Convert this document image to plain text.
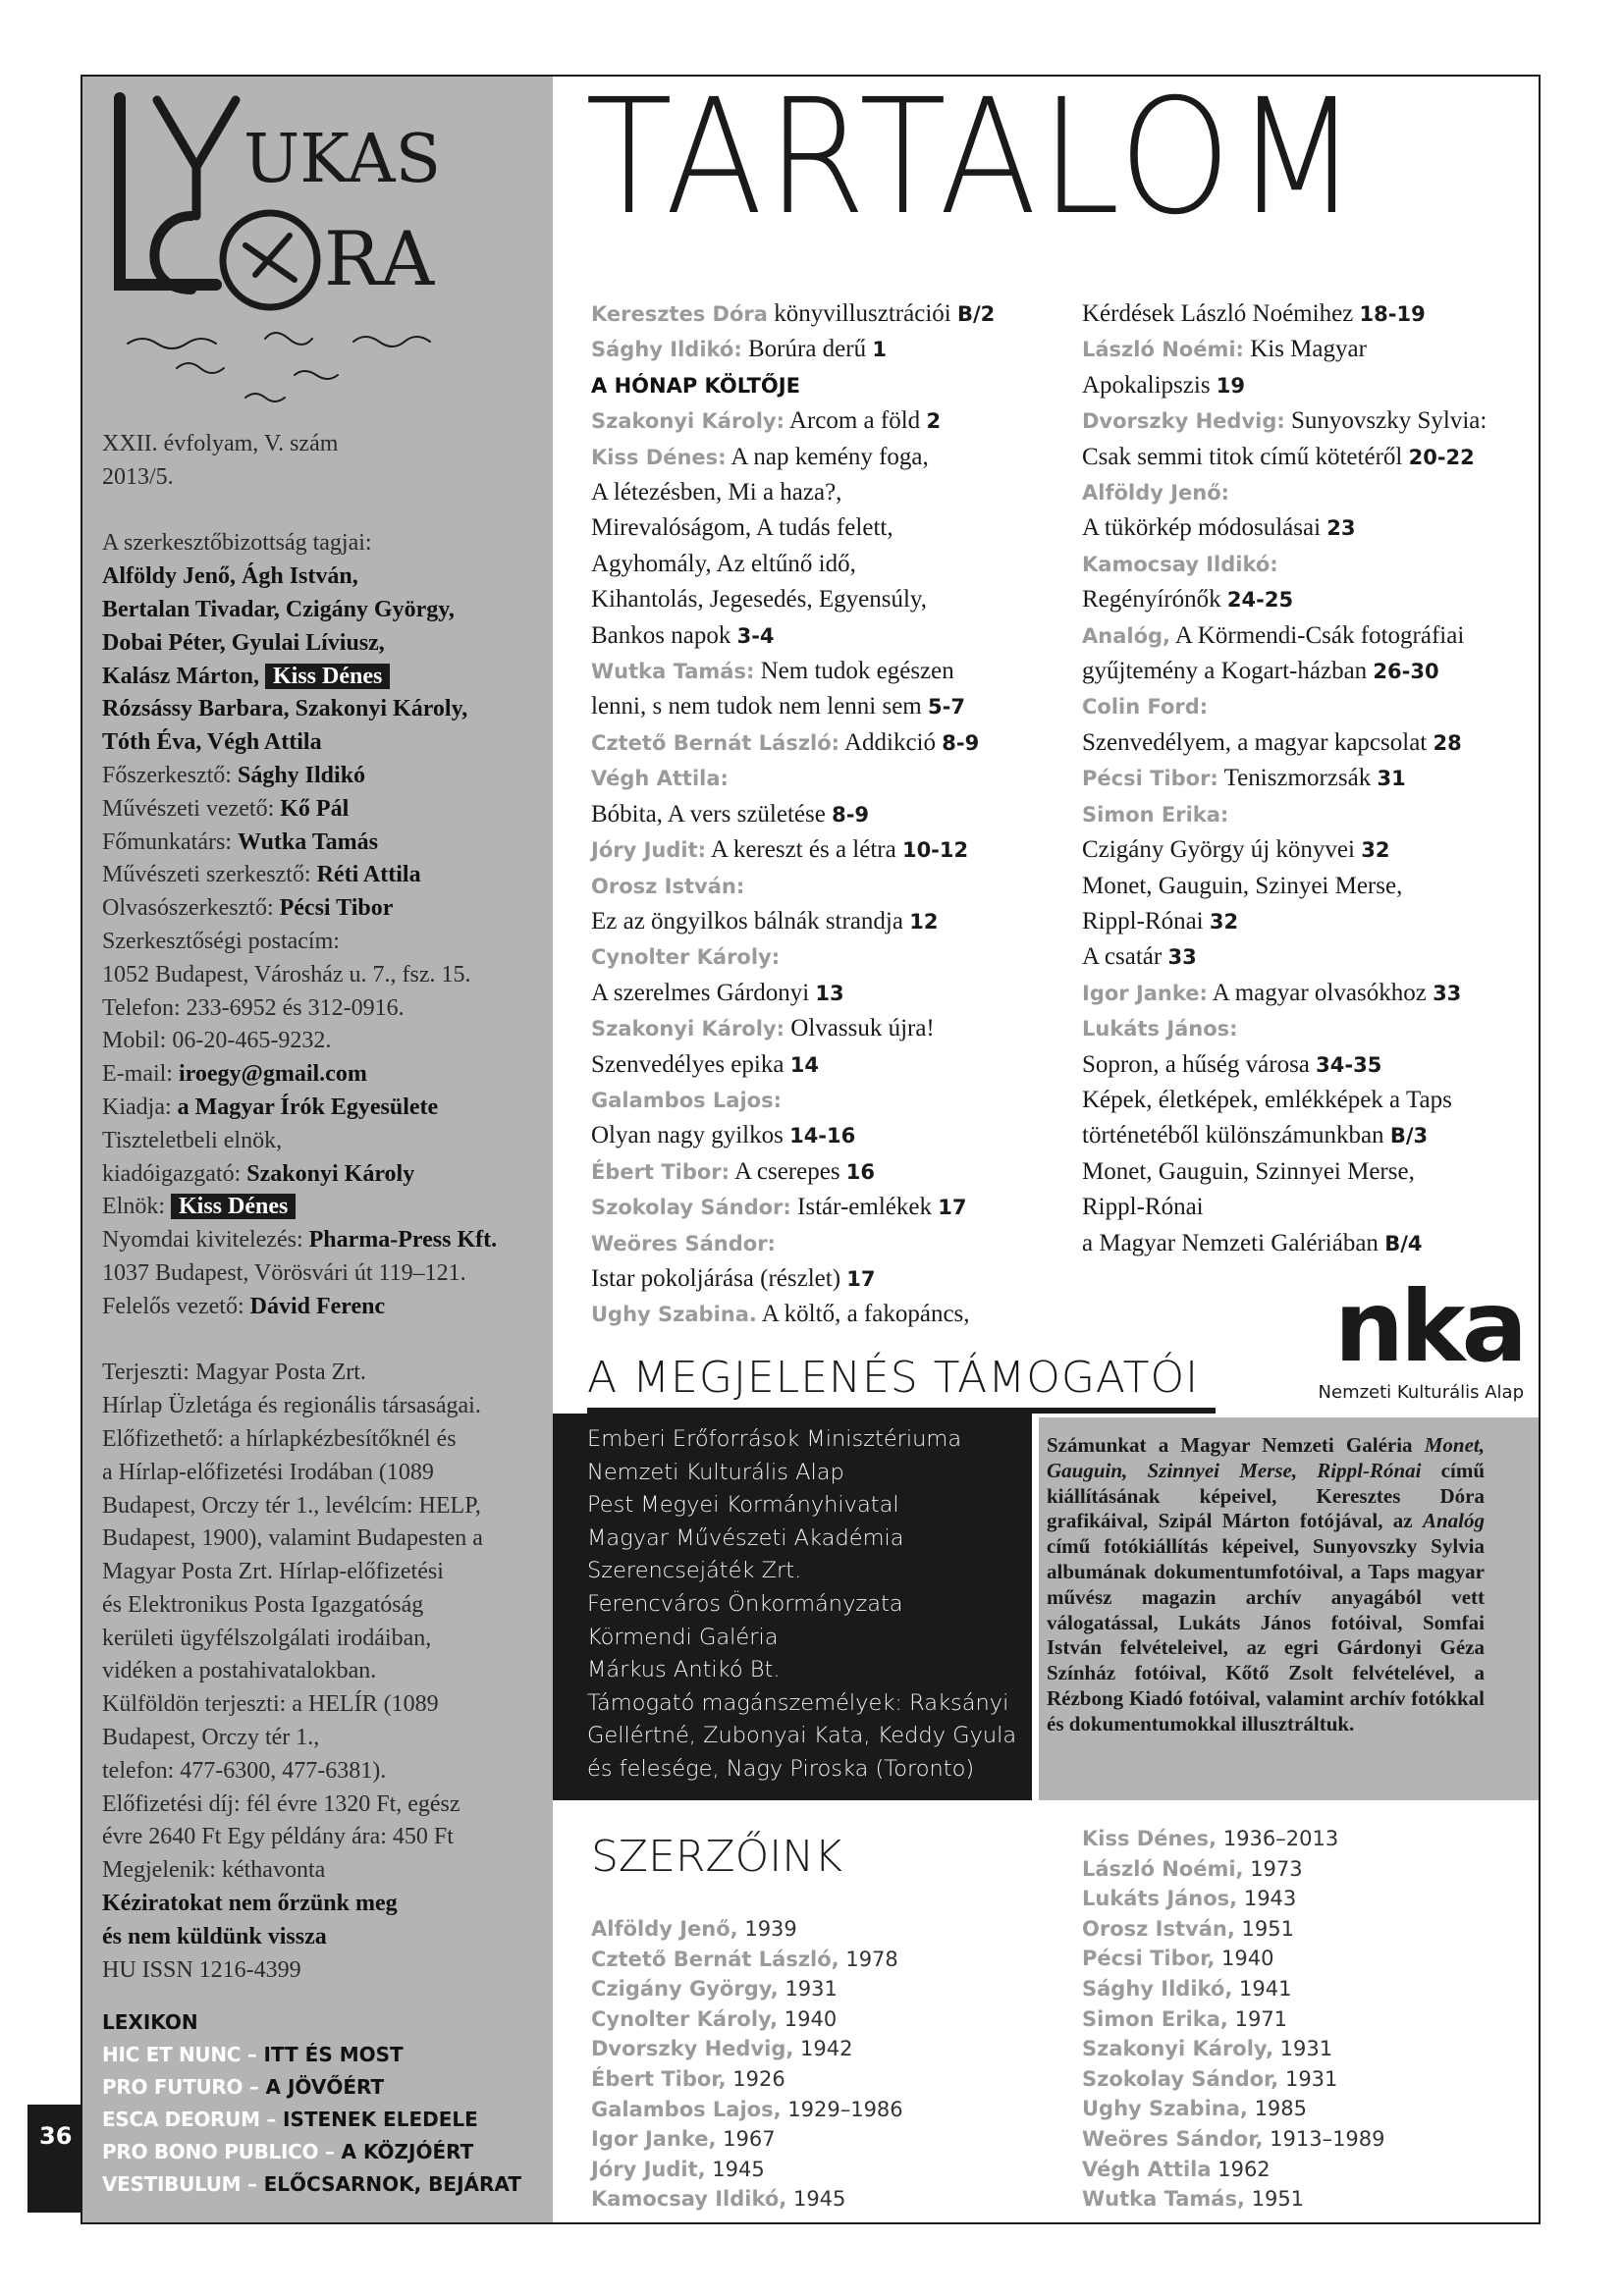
UKAS
RA
XXII. évfolyam, V. szám
2013/5.
A szerkesztőbizottság tagjai:
Alföldy Jenő, Ágh István,
Bertalan Tivadar, Czigány György,
Dobai Péter, Gyulai Líviusz,
Kalász Márton, Kiss Dénes
Rózsássy Barbara, Szakonyi Károly,
Tóth Éva, Végh Attila
Főszerkesztő: Sághy Ildikó
Művészeti vezető: Kő Pál
Főmunkatárs: Wutka Tamás
Művészeti szerkesztő: Réti Attila
Olvasószerkesztő: Pécsi Tibor
Szerkesztőségi postacím:
1052 Budapest, Városház u. 7., fsz. 15.
Telefon: 233-6952 és 312-0916.
Mobil: 06-20-465-9232.
E-mail: iroegy@gmail.com
Kiadja: a Magyar Írók Egyesülete
Tiszteletbeli elnök,
kiadóigazgató: Szakonyi Károly
Elnök: Kiss Dénes
Nyomdai kivitelezés: Pharma-Press Kft.
1037 Budapest, Vörösvári út 119–121.
Felelős vezető: Dávid Ferenc
Terjeszti: Magyar Posta Zrt.
Hírlap Üzletága és regionális társaságai.
Előfizethető: a hírlapkézbesítőknél és
a Hírlap-előfizetési Irodában (1089
Budapest, Orczy tér 1., levélcím: HELP,
Budapest, 1900), valamint Budapesten a
Magyar Posta Zrt. Hírlap-előfizetési
és Elektronikus Posta Igazgatóság
kerületi ügyfélszolgálati irodáiban,
vidéken a postahivatalokban.
Külföldön terjeszti: a HELÍR (1089
Budapest, Orczy tér 1.,
telefon: 477-6300, 477-6381).
Előfizetési díj: fél évre 1320 Ft, egész
évre 2640 Ft Egy példány ára: 450 Ft
Megjelenik: kéthavonta
Kéziratokat nem őrzünk meg
és nem küldünk vissza
HU ISSN 1216-4399
LEXIKON
HIC ET NUNC – ITT ÉS MOST
PRO FUTURO – A JÖVŐÉRT
ESCA DEORUM – ISTENEK ELEDELE
PRO BONO PUBLICO – A KÖZJÓÉRT
VESTIBULUM – ELŐCSARNOK, BEJÁRAT
36
TARTALOM
Keresztes Dóra könyvillusztrációi B/2
Sághy Ildikó: Borúra derű 1
A HÓNAP KÖLTŐJE
Szakonyi Károly: Arcom a föld 2
Kiss Dénes: A nap kemény foga,
A létezésben, Mi a haza?,
Mirevalóságom, A tudás felett,
Agyhomály, Az eltűnő idő,
Kihantolás, Jegesedés, Egyensúly,
Bankos napok 3-4
Wutka Tamás: Nem tudok egészen
lenni, s nem tudok nem lenni sem 5-7
Cztető Bernát László: Addikció 8-9
Végh Attila:
Bóbita, A vers születése 8-9
Jóry Judit: A kereszt és a létra 10-12
Orosz István:
Ez az öngyilkos bálnák strandja 12
Cynolter Károly:
A szerelmes Gárdonyi 13
Szakonyi Károly: Olvassuk újra!
Szenvedélyes epika 14
Galambos Lajos:
Olyan nagy gyilkos 14-16
Ébert Tibor: A cserepes 16
Szokolay Sándor: Istár-emlékek 17
Weöres Sándor:
Istar pokoljárása (részlet) 17
Ughy Szabina. A költő, a fakopáncs,
Kérdések László Noémihez 18-19
László Noémi: Kis Magyar
Apokalipszis 19
Dvorszky Hedvig: Sunyovszky Sylvia:
Csak semmi titok című kötetéről 20-22
Alföldy Jenő:
A tükörkép módosulásai 23
Kamocsay Ildikó:
Regényírónők 24-25
Analóg, A Körmendi-Csák fotográfiai
gyűjtemény a Kogart-házban 26-30
Colin Ford:
Szenvedélyem, a magyar kapcsolat 28
Pécsi Tibor: Teniszmorzsák 31
Simon Erika:
Czigány György új könyvei 32
Monet, Gauguin, Szinyei Merse,
Rippl-Rónai 32
A csatár 33
Igor Janke: A magyar olvasókhoz 33
Lukáts János:
Sopron, a hűség városa 34-35
Képek, életképek, emlékképek a Taps
történetéből különszámunkban B/3
Monet, Gauguin, Szinnyei Merse,
Rippl-Rónai
a Magyar Nemzeti Galériában B/4
nka
Nemzeti Kulturális Alap
A MEGJELENÉS TÁMOGATÓI
Emberi Erőforrások Minisztériuma
Nemzeti Kulturális Alap
Pest Megyei Kormányhivatal
Magyar Művészeti Akadémia
Szerencsejáték Zrt.
Ferencváros Önkormányzata
Körmendi Galéria
Márkus Antikó Bt.
Támogató magánszemélyek: Raksányi
Gellértné, Zubonyai Kata, Keddy Gyula
és felesége, Nagy Piroska (Toronto)
Számunkat a Magyar Nemzeti Galéria Monet, Gauguin, Szinnyei Merse, Rippl-Rónai című kiállításának képeivel, Keresztes Dóra grafikáival, Szipál Márton fotójával, az Analóg című fotókiállítás képeivel, Sunyovszky Sylvia albumának dokumentumfotóival, a Taps magyar művész magazin archív anyagából vett válogatással, Lukáts János fotóival, Somfai István felvételeivel, az egri Gárdonyi Géza Színház fotóival, Kőtő Zsolt felvételével, a Rézbong Kiadó fotóival, valamint archív fotókkal és dokumentumokkal illusztráltuk.
SZERZŐINK
Alföldy Jenő, 1939
Cztető Bernát László, 1978
Czigány György, 1931
Cynolter Károly, 1940
Dvorszky Hedvig, 1942
Ébert Tibor, 1926
Galambos Lajos, 1929–1986
Igor Janke, 1967
Jóry Judit, 1945
Kamocsay Ildikó, 1945
Kiss Dénes, 1936–2013
László Noémi, 1973
Lukáts János, 1943
Orosz István, 1951
Pécsi Tibor, 1940
Sághy Ildikó, 1941
Simon Erika, 1971
Szakonyi Károly, 1931
Szokolay Sándor, 1931
Ughy Szabina, 1985
Weöres Sándor, 1913–1989
Végh Attila 1962
Wutka Tamás, 1951
